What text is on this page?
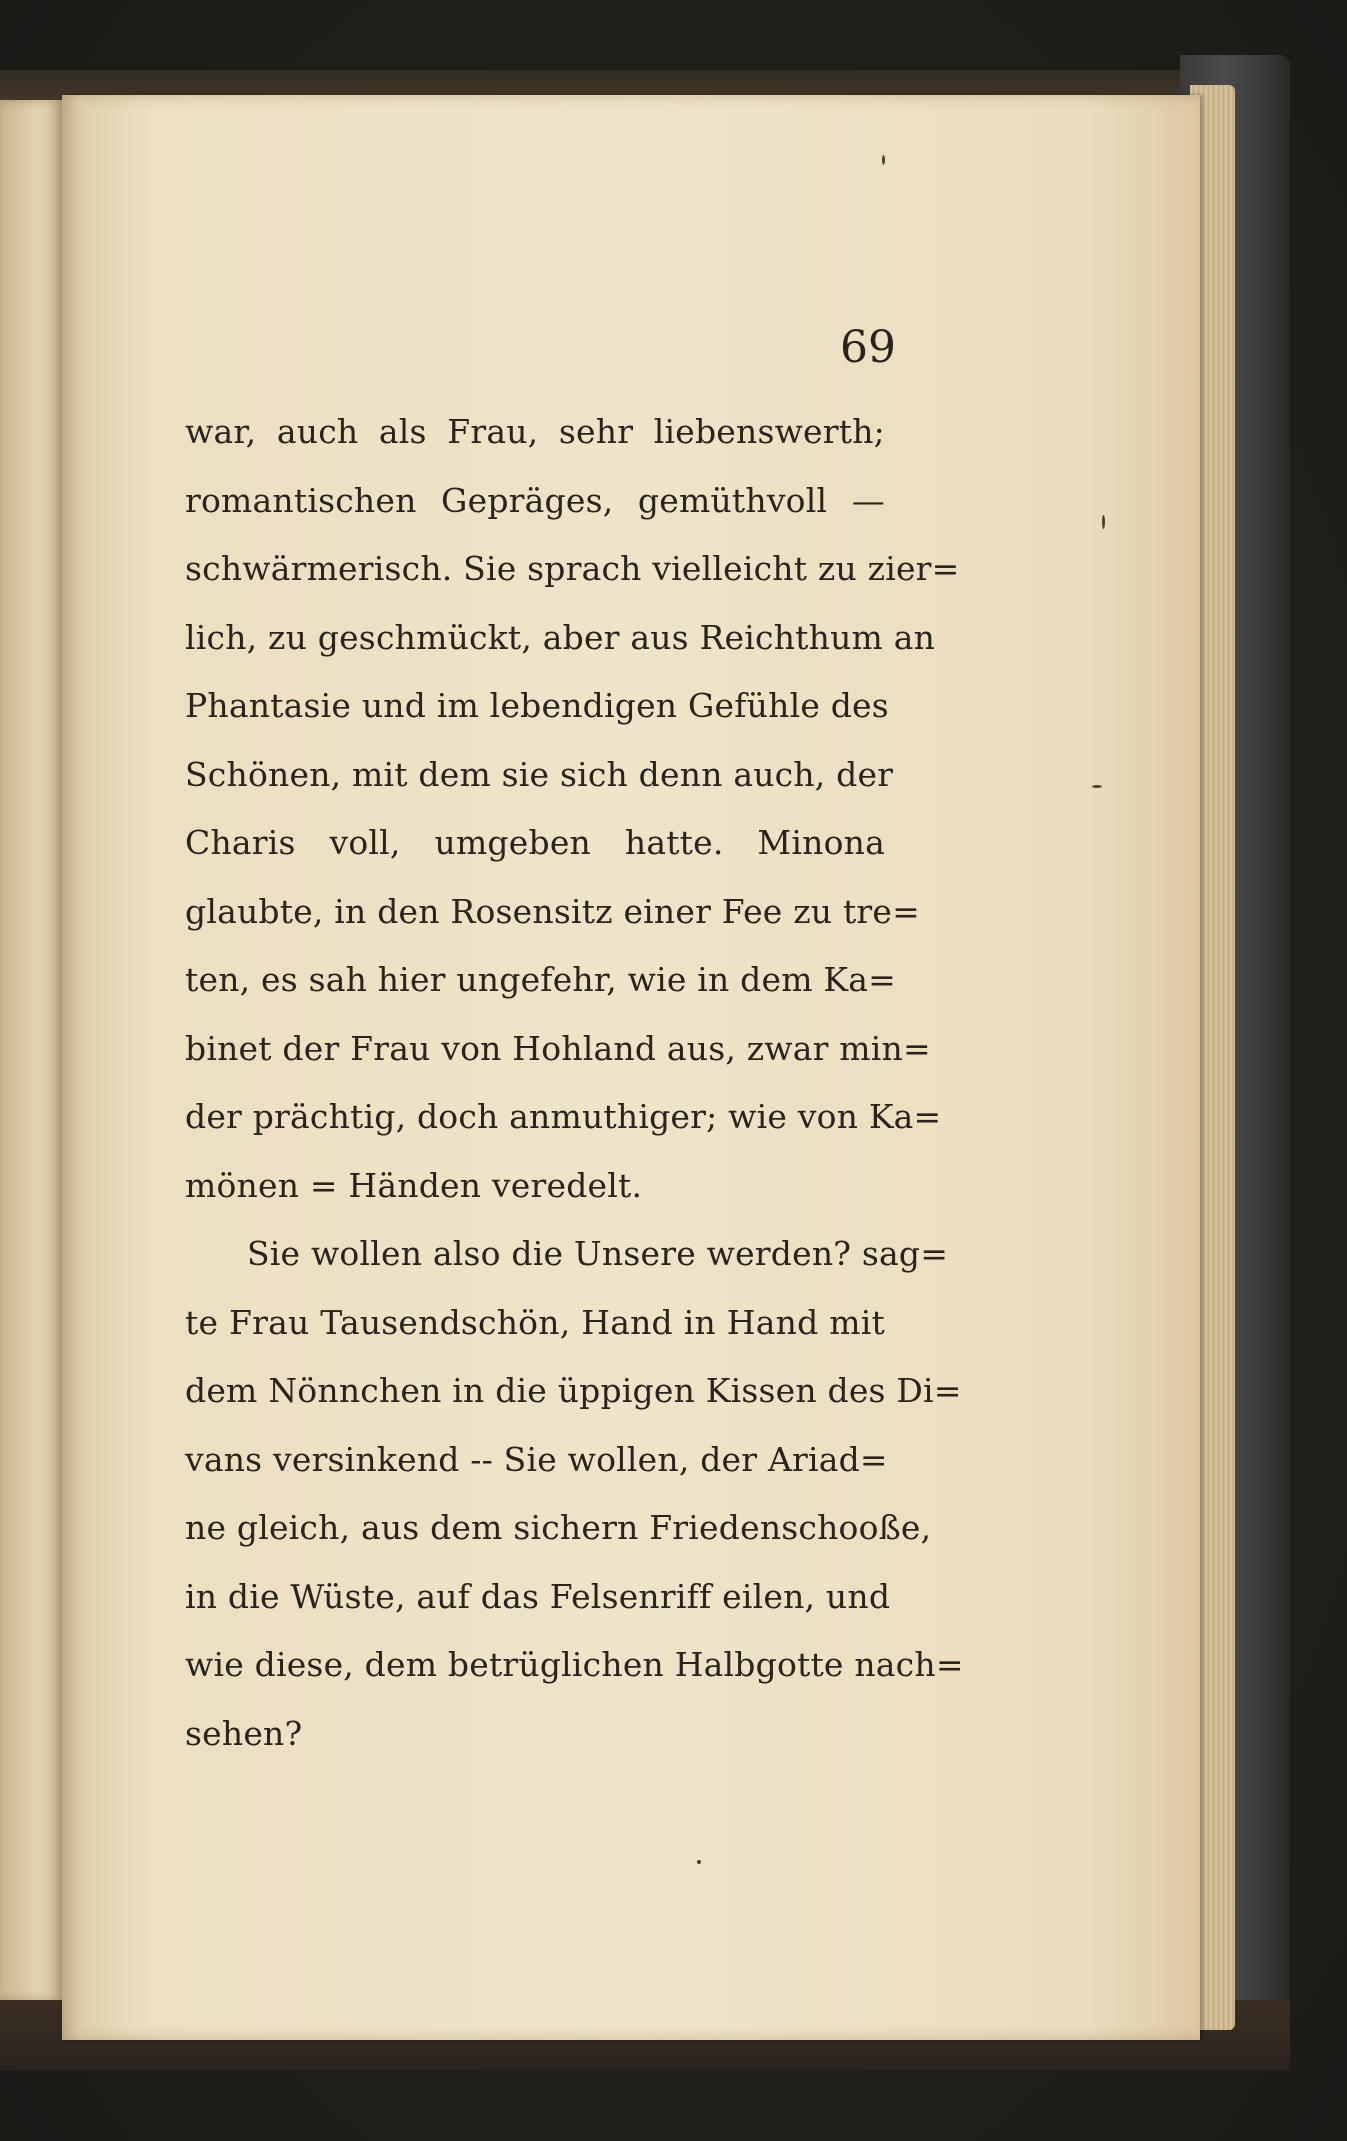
69
war, auch als Frau, sehr liebenswerth;
romantischen Gepräges, gemüthvoll —
schwärmerisch. Sie sprach vielleicht zu zier=
lich, zu geschmückt, aber aus Reichthum an
Phantasie und im lebendigen Gefühle des
Schönen, mit dem sie sich denn auch, der
Charis voll, umgeben hatte. Minona
glaubte, in den Rosensitz einer Fee zu tre=
ten, es sah hier ungefehr, wie in dem Ka=
binet der Frau von Hohland aus, zwar min=
der prächtig, doch anmuthiger; wie von Ka=
mönen = Händen veredelt.
Sie wollen also die Unsere werden? sag=
te Frau Tausendschön, Hand in Hand mit
dem Nönnchen in die üppigen Kissen des Di=
vans versinkend -- Sie wollen, der Ariad=
ne gleich, aus dem sichern Friedenschooße,
in die Wüste, auf das Felsenriff eilen, und
wie diese, dem betrüglichen Halbgotte nach=
sehen?
